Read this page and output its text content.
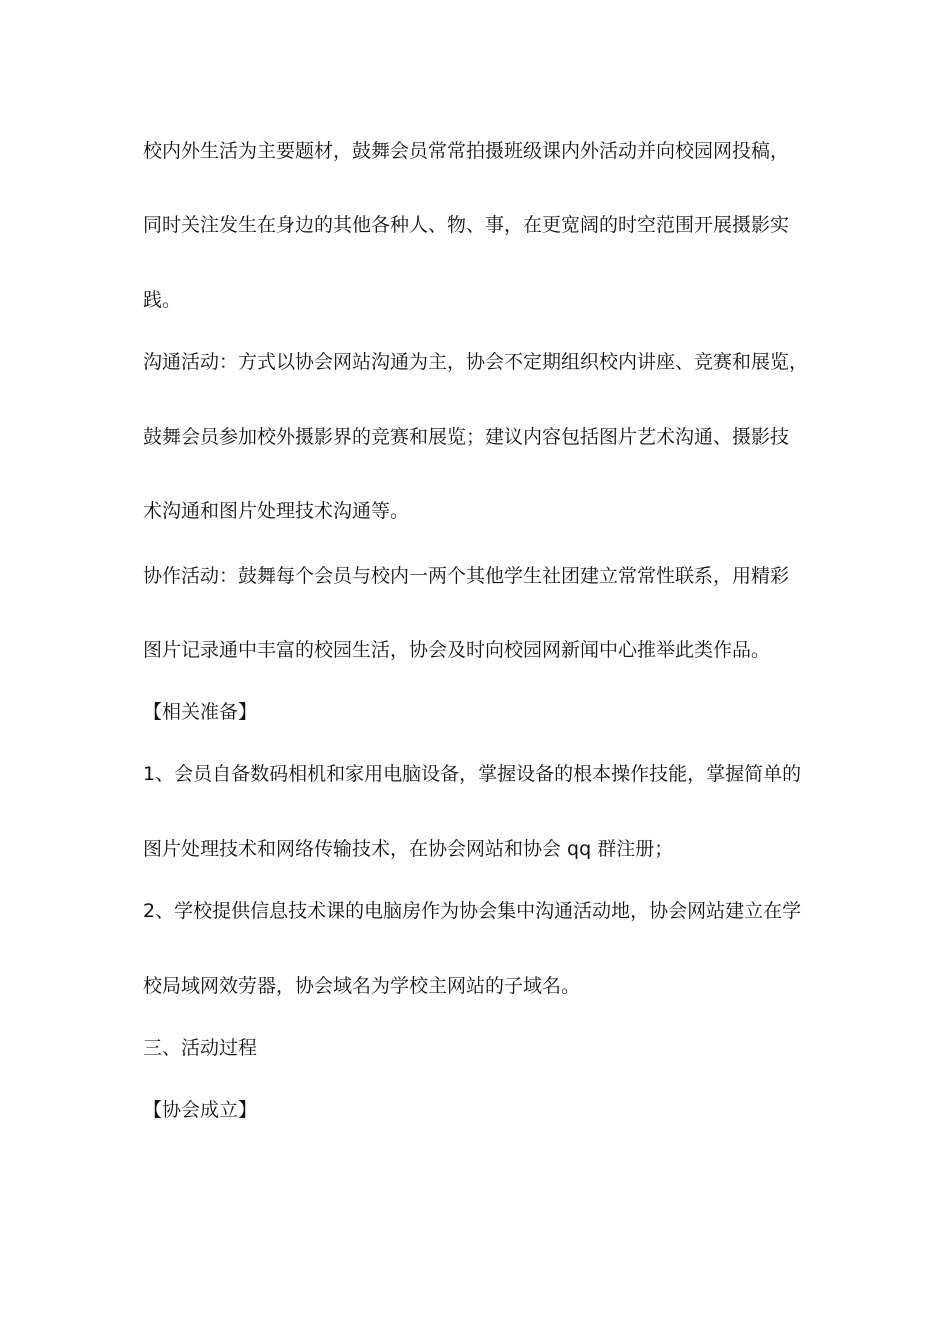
校内外生活为主要题材，鼓舞会员常常拍摄班级课内外活动并向校园网投稿，
同时关注发生在身边的其他各种人、物、事，在更宽阔的时空范围开展摄影实
践。
沟通活动：方式以协会网站沟通为主，协会不定期组织校内讲座、竞赛和展览，
鼓舞会员参加校外摄影界的竞赛和展览；建议内容包括图片艺术沟通、摄影技
术沟通和图片处理技术沟通等。
协作活动：鼓舞每个会员与校内一两个其他学生社团建立常常性联系，用精彩
图片记录通中丰富的校园生活，协会及时向校园网新闻中心推举此类作品。
【相关准备】
1、会员自备数码相机和家用电脑设备，掌握设备的根本操作技能，掌握简单的
图片处理技术和网络传输技术，在协会网站和协会 qq 群注册；
2、学校提供信息技术课的电脑房作为协会集中沟通活动地，协会网站建立在学
校局域网效劳器，协会域名为学校主网站的子域名。
三、活动过程
【协会成立】
